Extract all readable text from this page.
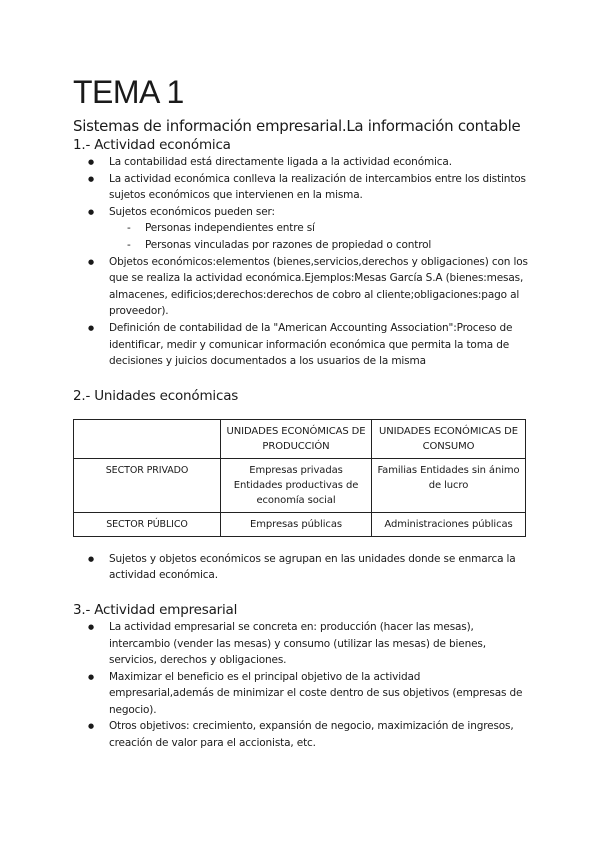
TEMA 1
Sistemas de información empresarial.La información contable
1.- Actividad económica
● La contabilidad está directamente ligada a la actividad económica.
● La actividad económica conlleva la realización de intercambios entre los distintos sujetos económicos que intervienen en la misma.
● Sujetos económicos pueden ser:
- Personas independientes entre sí
- Personas vinculadas por razones de propiedad o control
● Objetos económicos:elementos (bienes,servicios,derechos y obligaciones) con los que se realiza la actividad económica.Ejemplos:Mesas García S.A (bienes:mesas, almacenes, edificios;derechos:derechos de cobro al cliente;obligaciones:pago al proveedor).
● Definición de contabilidad de la "American Accounting Association":Proceso de identificar, medir y comunicar información económica que permita la toma de decisiones y juicios documentados a los usuarios de la misma
2.- Unidades económicas
	UNIDADES ECONÓMICAS DE PRODUCCIÓN	UNIDADES ECONÓMICAS DE CONSUMO
SECTOR PRIVADO	Empresas privadas Entidades productivas de economía social	Familias Entidades sin ánimo de lucro
SECTOR PÚBLICO	Empresas públicas	Administraciones públicas
● Sujetos y objetos económicos se agrupan en las unidades donde se enmarca la actividad económica.
3.- Actividad empresarial
● La actividad empresarial se concreta en: producción (hacer las mesas), intercambio (vender las mesas) y consumo (utilizar las mesas) de bienes, servicios, derechos y obligaciones.
● Maximizar el beneficio es el principal objetivo de la actividad empresarial,además de minimizar el coste dentro de sus objetivos (empresas de negocio).
● Otros objetivos: crecimiento, expansión de negocio, maximización de ingresos, creación de valor para el accionista, etc.
